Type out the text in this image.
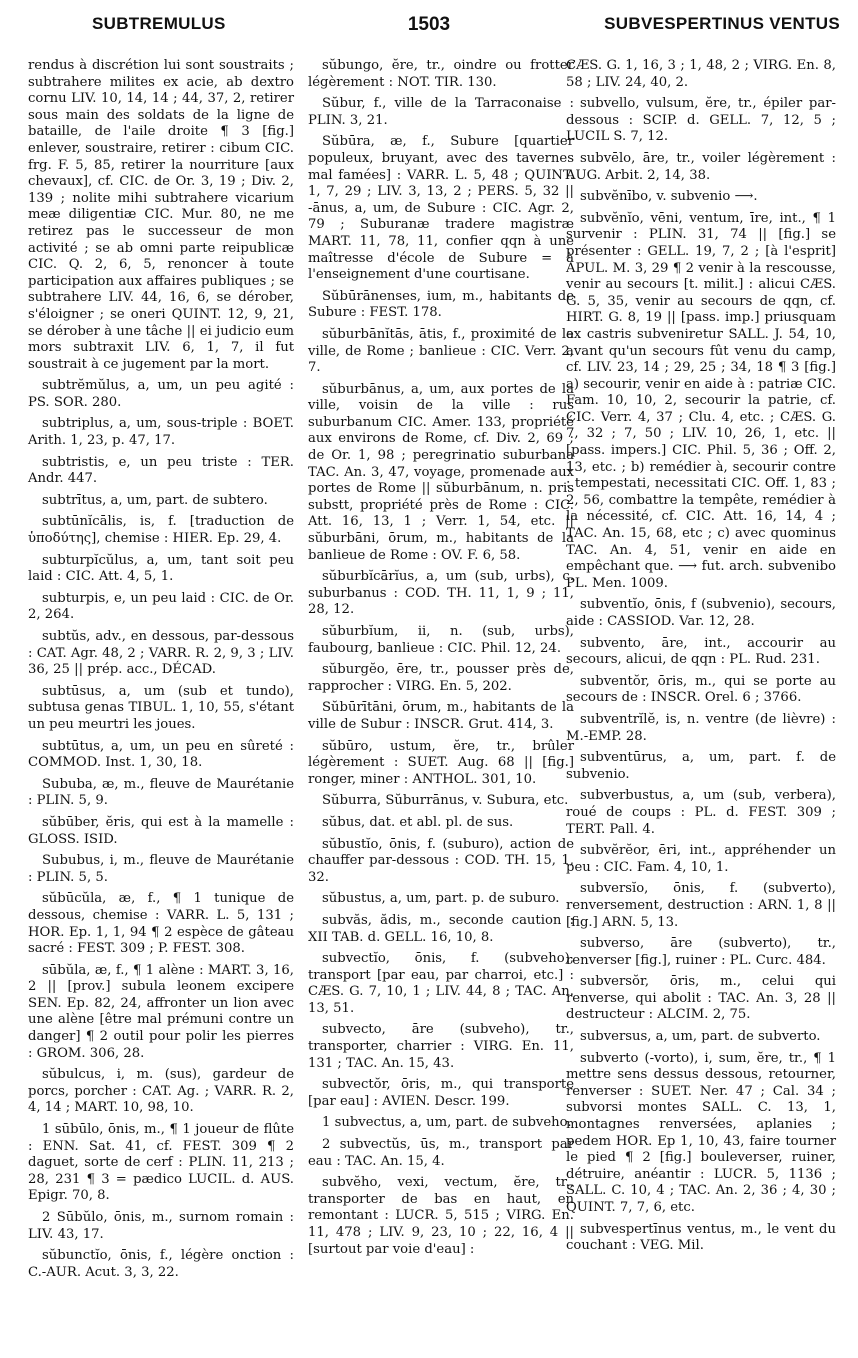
SUBTREMULUS	1503	SUBVESPERTINUS VENTUS

rendus à discrétion lui sont soustraits ; subtrahere milites ex acie, ab dextro cornu LIV. 10, 14, 14 ; 44, 37, 2, retirer sous main des soldats de la ligne de bataille, de l'aile droite ¶ 3 [fig.] enlever, soustraire, retirer : cibum CIC. frg. F. 5, 85, retirer la nourriture [aux chevaux], cf. CIC. de Or. 3, 19 ; Div. 2, 139 ; nolite mihi subtrahere vicarium meæ diligentiæ CIC. Mur. 80, ne me retirez pas le successeur de mon activité ; se ab omni parte reipublicæ CIC. Q. 2, 6, 5, renoncer à toute participation aux affaires publiques ; se subtrahere LIV. 44, 16, 6, se dérober, s'éloigner ; se oneri QUINT. 12, 9, 21, se dérober à une tâche || ei judicio eum mors subtraxit LIV. 6, 1, 7, il fut soustrait à ce jugement par la mort.

subtrĕmŭlus, a, um, un peu agité : PS. SOR. 280.

subtriplus, a, um, sous-triple : BOET. Arith. 1, 23, p. 47, 17.

subtristis, e, un peu triste : TER. Andr. 447.

subtrītus, a, um, part. de subtero.

subtūnĭcālis, is, f. [traduction de ὑποδύτης], chemise : HIER. Ep. 29, 4.

subturpĭcŭlus, a, um, tant soit peu laid : CIC. Att. 4, 5, 1.

subturpis, e, un peu laid : CIC. de Or. 2, 264.

subtŭs, adv., en dessous, par-dessous : CAT. Agr. 48, 2 ; VARR. R. 2, 9, 3 ; LIV. 36, 25 || prép. acc., DÉCAD.

subtūsus, a, um (sub et tundo), subtusa genas TIBUL. 1, 10, 55, s'étant un peu meurtri les joues.

subtūtus, a, um, un peu en sûreté : COMMOD. Inst. 1, 30, 18.

Sububa, æ, m., fleuve de Maurétanie : PLIN. 5, 9.

sŭbūber, ĕris, qui est à la mamelle : GLOSS. ISID.

Sububus, i, m., fleuve de Maurétanie : PLIN. 5, 5.

sŭbūcŭla, æ, f., ¶ 1 tunique de dessous, chemise : VARR. L. 5, 131 ; HOR. Ep. 1, 1, 94 ¶ 2 espèce de gâteau sacré : FEST. 309 ; P. FEST. 308.

sūbŭla, æ, f., ¶ 1 alène : MART. 3, 16, 2 || [prov.] subula leonem excipere SEN. Ep. 82, 24, affronter un lion avec une alène [être mal prémuni contre un danger] ¶ 2 outil pour polir les pierres : GROM. 306, 28.

sŭbulcus, i, m. (sus), gardeur de porcs, porcher : CAT. Ag. ; VARR. R. 2, 4, 14 ; MART. 10, 98, 10.

1 sūbūlo, ōnis, m., ¶ 1 joueur de flûte : ENN. Sat. 41, cf. FEST. 309 ¶ 2 daguet, sorte de cerf : PLIN. 11, 213 ; 28, 231 ¶ 3 = pædico LUCIL. d. AUS. Epigr. 70, 8.

2 Sūbŭlo, ōnis, m., surnom romain : LIV. 43, 17.

sŭbunctĭo, ōnis, f., légère onction : C.-AUR. Acut. 3, 3, 22.

sŭbungo, ĕre, tr., oindre ou frotter légèrement : NOT. TIR. 130.

Sŭbur, f., ville de la Tarraconaise : PLIN. 3, 21.

Sŭbūra, æ, f., Subure [quartier populeux, bruyant, avec des tavernes mal famées] : VARR. L. 5, 48 ; QUINT. 1, 7, 29 ; LIV. 3, 13, 2 ; PERS. 5, 32 || -ānus, a, um, de Subure : CIC. Agr. 2, 79 ; Suburanæ tradere magistræ MART. 11, 78, 11, confier qqn à une maîtresse d'école de Subure = à l'enseignement d'une courtisane.

Sŭbūrānenses, ium, m., habitants de Subure : FEST. 178.

sŭburbānĭtās, ātis, f., proximité de la ville, de Rome ; banlieue : CIC. Verr. 2, 7.

sŭburbānus, a, um, aux portes de la ville, voisin de la ville : rus suburbanum CIC. Amer. 133, propriété aux environs de Rome, cf. Div. 2, 69 ; de Or. 1, 98 ; peregrinatio suburbana TAC. An. 3, 47, voyage, promenade aux portes de Rome || sŭburbānum, n. pris substt, propriété près de Rome : CIC. Att. 16, 13, 1 ; Verr. 1, 54, etc. || sŭburbāni, ōrum, m., habitants de la banlieue de Rome : OV. F. 6, 58.

sŭburbĭcārĭus, a, um (sub, urbs), c. suburbanus : COD. TH. 11, 1, 9 ; 11, 28, 12.

sŭburbĭum, ii, n. (sub, urbs), faubourg, banlieue : CIC. Phil. 12, 24.

sŭburgĕo, ēre, tr., pousser près de, rapprocher : VIRG. En. 5, 202.

Sŭbūrītāni, ōrum, m., habitants de la ville de Subur : INSCR. Grut. 414, 3.

sŭbūro, ustum, ĕre, tr., brûler légèrement : SUET. Aug. 68 || [fig.] ronger, miner : ANTHOL. 301, 10.

Sŭburra, Sŭburrānus, v. Subura, etc.

sŭbus, dat. et abl. pl. de sus.

sŭbustĭo, ōnis, f. (suburo), action de chauffer par-dessous : COD. TH. 15, 1, 32.

sŭbustus, a, um, part. p. de suburo.

subvăs, ădis, m., seconde caution : XII TAB. d. GELL. 16, 10, 8.

subvectĭo, ōnis, f. (subveho), transport [par eau, par charroi, etc.] : CÆS. G. 7, 10, 1 ; LIV. 44, 8 ; TAC. An. 13, 51.

subvecto, āre (subveho), tr., transporter, charrier : VIRG. En. 11, 131 ; TAC. An. 15, 43.

subvectŏr, ōris, m., qui transporte [par eau] : AVIEN. Descr. 199.

1 subvectus, a, um, part. de subveho.

2 subvectŭs, ūs, m., transport par eau : TAC. An. 15, 4.

subvĕho, vexi, vectum, ĕre, tr., transporter de bas en haut, en remontant : LUCR. 5, 515 ; VIRG. En. 11, 478 ; LIV. 9, 23, 10 ; 22, 16, 4 || [surtout par voie d'eau] :

CÆS. G. 1, 16, 3 ; 1, 48, 2 ; VIRG. En. 8, 58 ; LIV. 24, 40, 2.

subvello, vulsum, ĕre, tr., épiler par-dessous : SCIP. d. GELL. 7, 12, 5 ; LUCIL S. 7, 12.

subvēlo, āre, tr., voiler légèrement : AUG. Arbit. 2, 14, 38.

subvĕnībo, v. subvenio ⟶.

subvĕnĭo, vēni, ventum, īre, int., ¶ 1 survenir : PLIN. 31, 74 || [fig.] se présenter : GELL. 19, 7, 2 ; [à l'esprit] APUL. M. 3, 29 ¶ 2 venir à la rescousse, venir au secours [t. milit.] : alicui CÆS. G. 5, 35, venir au secours de qqn, cf. HIRT. G. 8, 19 || [pass. imp.] priusquam ex castris subveniretur SALL. J. 54, 10, avant qu'un secours fût venu du camp, cf. LIV. 23, 14 ; 29, 25 ; 34, 18 ¶ 3 [fig.] a) secourir, venir en aide à : patriæ CIC. Fam. 10, 10, 2, secourir la patrie, cf. CIC. Verr. 4, 37 ; Clu. 4, etc. ; CÆS. G. 7, 32 ; 7, 50 ; LIV. 10, 26, 1, etc. || [pass. impers.] CIC. Phil. 5, 36 ; Off. 2, 13, etc. ; b) remédier à, secourir contre : tempestati, necessitati CIC. Off. 1, 83 ; 2, 56, combattre la tempête, remédier à la nécessité, cf. CIC. Att. 16, 14, 4 ; TAC. An. 15, 68, etc ; c) avec quominus TAC. An. 4, 51, venir en aide en empêchant que. ⟶ fut. arch. subvenibo PL. Men. 1009.

subventĭo, ōnis, f (subvenio), secours, aide : CASSIOD. Var. 12, 28.

subvento, āre, int., accourir au secours, alicui, de qqn : PL. Rud. 231.

subventŏr, ōris, m., qui se porte au secours de : INSCR. Orel. 6 ; 3766.

subventrĭlĕ, is, n. ventre (de lièvre) : M.-EMP. 28.

subventūrus, a, um, part. f. de subvenio.

subverbustus, a, um (sub, verbera), roué de coups : PL. d. FEST. 309 ; TERT. Pall. 4.

subvĕrĕor, ēri, int., appréhender un peu : CIC. Fam. 4, 10, 1.

subversĭo, ōnis, f. (subverto), renversement, destruction : ARN. 1, 8 || [fig.] ARN. 5, 13.

subverso, āre (subverto), tr., renverser [fig.], ruiner : PL. Curc. 484.

subversŏr, ōris, m., celui qui renverse, qui abolit : TAC. An. 3, 28 || destructeur : ALCIM. 2, 75.

subversus, a, um, part. de subverto.

subverto (-vorto), i, sum, ĕre, tr., ¶ 1 mettre sens dessus dessous, retourner, renverser : SUET. Ner. 47 ; Cal. 34 ; subvorsi montes SALL. C. 13, 1, montagnes renversées, aplanies ; pedem HOR. Ep 1, 10, 43, faire tourner le pied ¶ 2 [fig.] bouleverser, ruiner, détruire, anéantir : LUCR. 5, 1136 ; SALL. C. 10, 4 ; TAC. An. 2, 36 ; 4, 30 ; QUINT. 7, 7, 6, etc.

subvespertīnus ventus, m., le vent du couchant : VEG. Mil.
